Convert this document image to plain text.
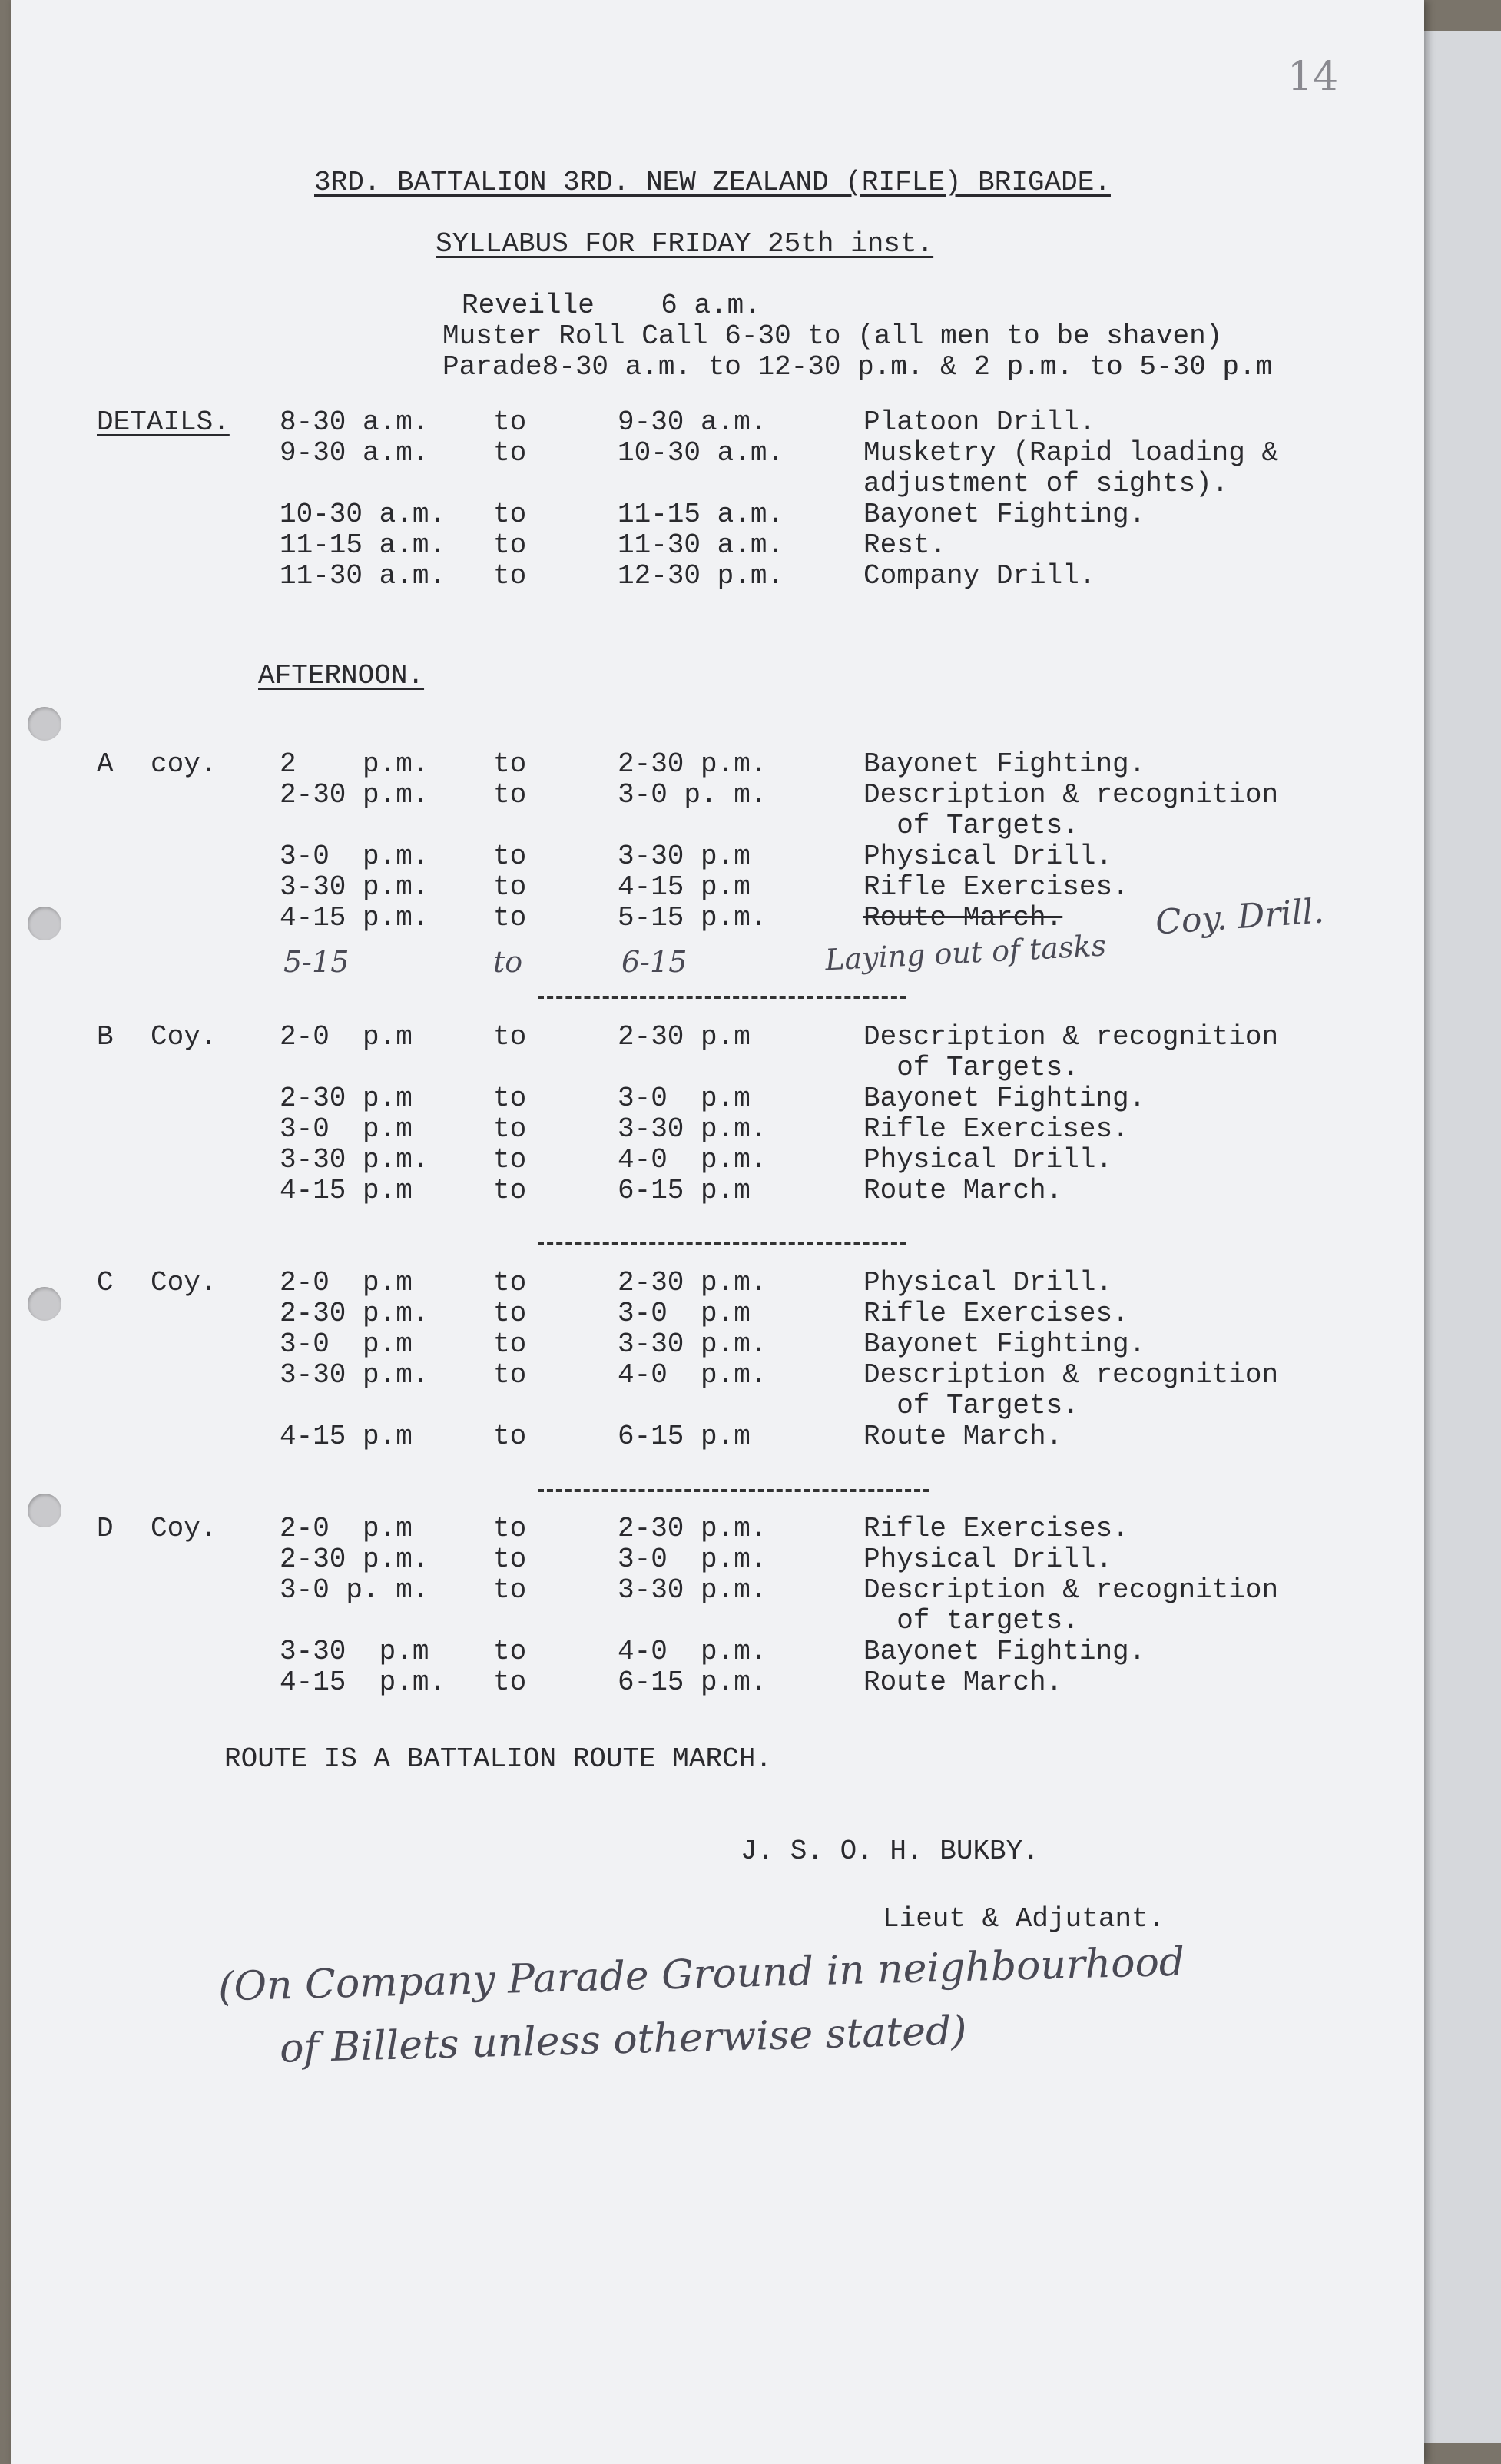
14
3RD. BATTALION 3RD. NEW ZEALAND (RIFLE) BRIGADE.
SYLLABUS FOR FRIDAY 25th inst.
Reveille    6 a.m.
Muster Roll Call 6-30 to (all men to be shaven)
Parade8-30 a.m. to 12-30 p.m. & 2 p.m. to 5-30 p.m
DETAILS. 8-30 a.m. to	9-30 a.m.	Platoon Drill.
9-30 a.m. to	10-30 a.m.	Musketry (Rapid loading &
adjustment of sights).
10-30 a.m. to	11-15 a.m.	Bayonet Fighting.
11-15 a.m. to	11-30 a.m.	Rest.
11-30 a.m. to	12-30 p.m.	Company Drill.
AFTERNOON.
A coy. 2    p.m. to	2-30 p.m.	Bayonet Fighting.
2-30 p.m. to	3-0 p. m.	Description & recognition
of Targets.
3-0  p.m. to	3-30 p.m	Physical Drill.
3-30 p.m. to	4-15 p.m	Rifle Exercises.
4-15 p.m. to	5-15 p.m.	Route March.
B Coy. 2-0  p.m	to	2-30 p.m	Description & recognition
of Targets.
2-30 p.m	to	3-0  p.m	Bayonet Fighting.
3-0  p.m	to	3-30 p.m.	Rifle Exercises.
3-30 p.m. to	4-0  p.m.	Physical Drill.
4-15 p.m	to	6-15 p.m	Route March.
C Coy. 2-0  p.m	to	2-30 p.m.	Physical Drill.
2-30 p.m. to	3-0  p.m	Rifle Exercises.
3-0  p.m	to	3-30 p.m.	Bayonet Fighting.
3-30 p.m. to	4-0  p.m.	Description & recognition
of Targets.
4-15 p.m	to	6-15 p.m	Route March.
D Coy. 2-0  p.m	to	2-30 p.m.	Rifle Exercises.
2-30 p.m. to	3-0  p.m.	Physical Drill.
3-0 p. m. to	3-30 p.m.	Description & recognition
of targets.
3-30  p.m to	4-0  p.m.	Bayonet Fighting.
4-15  p.m. to	6-15 p.m.	Route March.
5-15	to	6-15	Laying out of tasks
Coy. Drill.
ROUTE IS A BATTALION ROUTE MARCH.
J. S. O. H. BUKBY.
Lieut & Adjutant.
(On Company Parade Ground in neighbourhood
of Billets unless otherwise stated)
